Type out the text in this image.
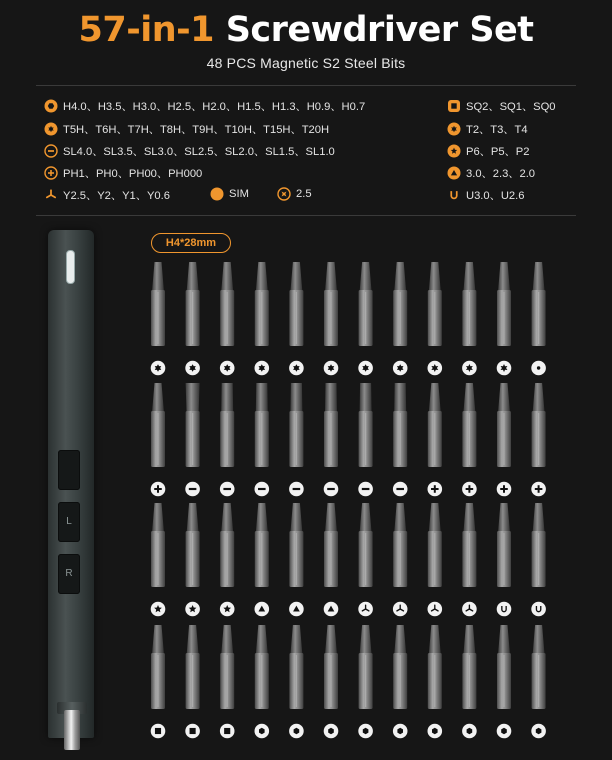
57-in-1 Screwdriver Set
48 PCS Magnetic S2 Steel Bits
H4.0、H3.5、H3.0、H2.5、H2.0、H1.5、H1.3、H0.9、H0.7
T5H、T6H、T7H、T8H、T9H、T10H、T15H、T20H
SL4.0、SL3.5、SL3.0、SL2.5、SL2.0、SL1.5、SL1.0
PH1、PH0、PH00、PH000
Y2.5、Y2、Y1、Y0.6	SIM	2.5
SQ2、SQ1、SQ0
T2、T3、T4
P6、P5、P2
3.0、2.3、2.0
U3.0、U2.6
L
R
H4*28mm
